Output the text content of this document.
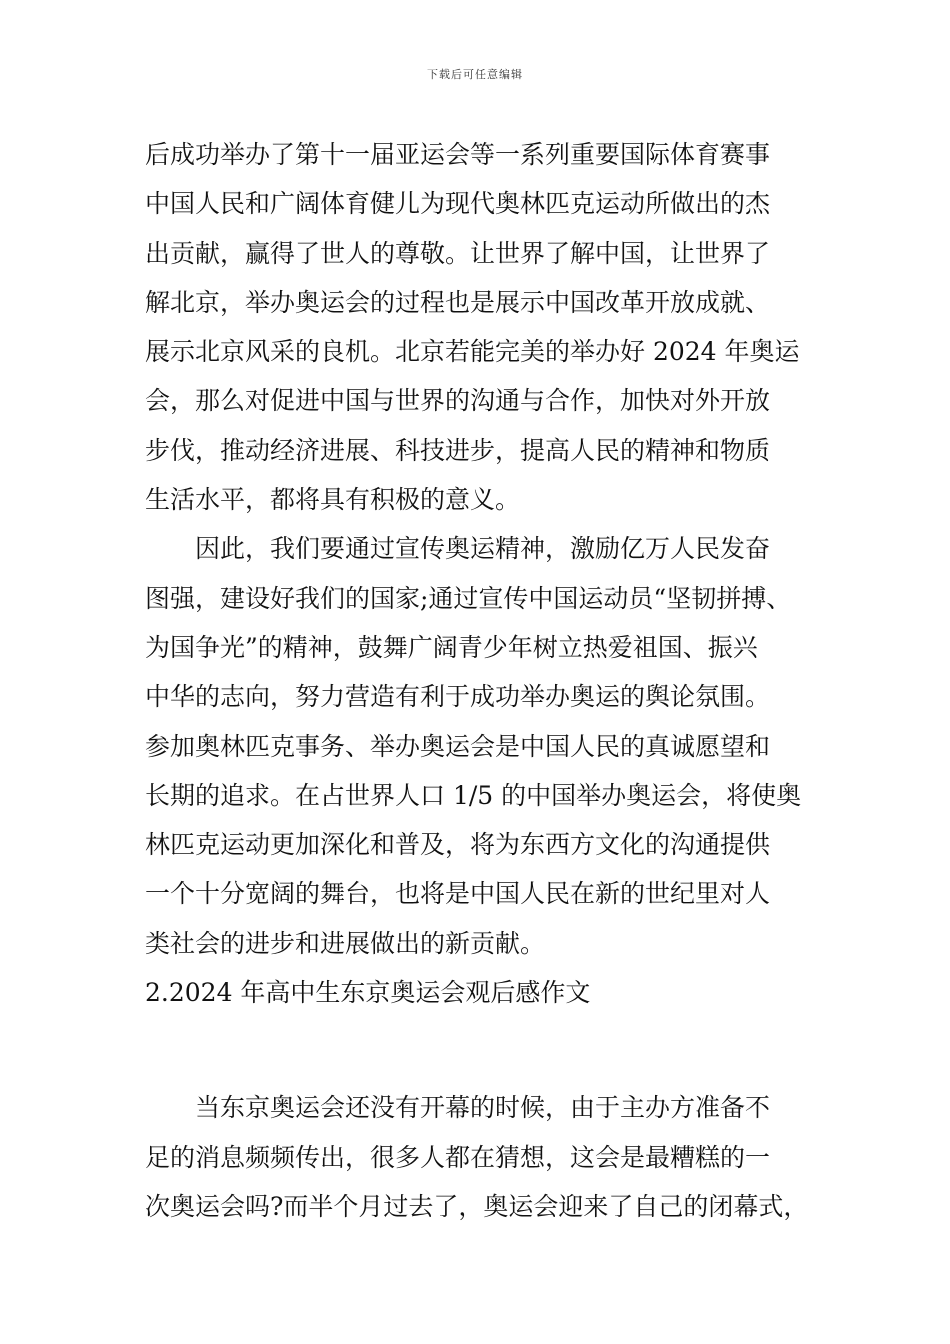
下载后可任意编辑
后成功举办了第十一届亚运会等一系列重要国际体育赛事
中国人民和广阔体育健儿为现代奥林匹克运动所做出的杰
出贡献，赢得了世人的尊敬。让世界了解中国，让世界了
解北京，举办奥运会的过程也是展示中国改革开放成就、
展示北京风采的良机。北京若能完美的举办好 2024 年奥运
会，那么对促进中国与世界的沟通与合作，加快对外开放
步伐，推动经济进展、科技进步，提高人民的精神和物质
生活水平，都将具有积极的意义。
　　因此，我们要通过宣传奥运精神，激励亿万人民发奋
图强，建设好我们的国家;通过宣传中国运动员“坚韧拼搏、
为国争光”的精神，鼓舞广阔青少年树立热爱祖国、振兴
中华的志向，努力营造有利于成功举办奥运的舆论氛围。
参加奥林匹克事务、举办奥运会是中国人民的真诚愿望和
长期的追求。在占世界人口 1/5 的中国举办奥运会，将使奥
林匹克运动更加深化和普及，将为东西方文化的沟通提供
一个十分宽阔的舞台，也将是中国人民在新的世纪里对人
类社会的进步和进展做出的新贡献。
2.2024 年高中生东京奥运会观后感作文
　　当东京奥运会还没有开幕的时候，由于主办方准备不
足的消息频频传出，很多人都在猜想，这会是最糟糕的一
次奥运会吗?而半个月过去了，奥运会迎来了自己的闭幕式，
